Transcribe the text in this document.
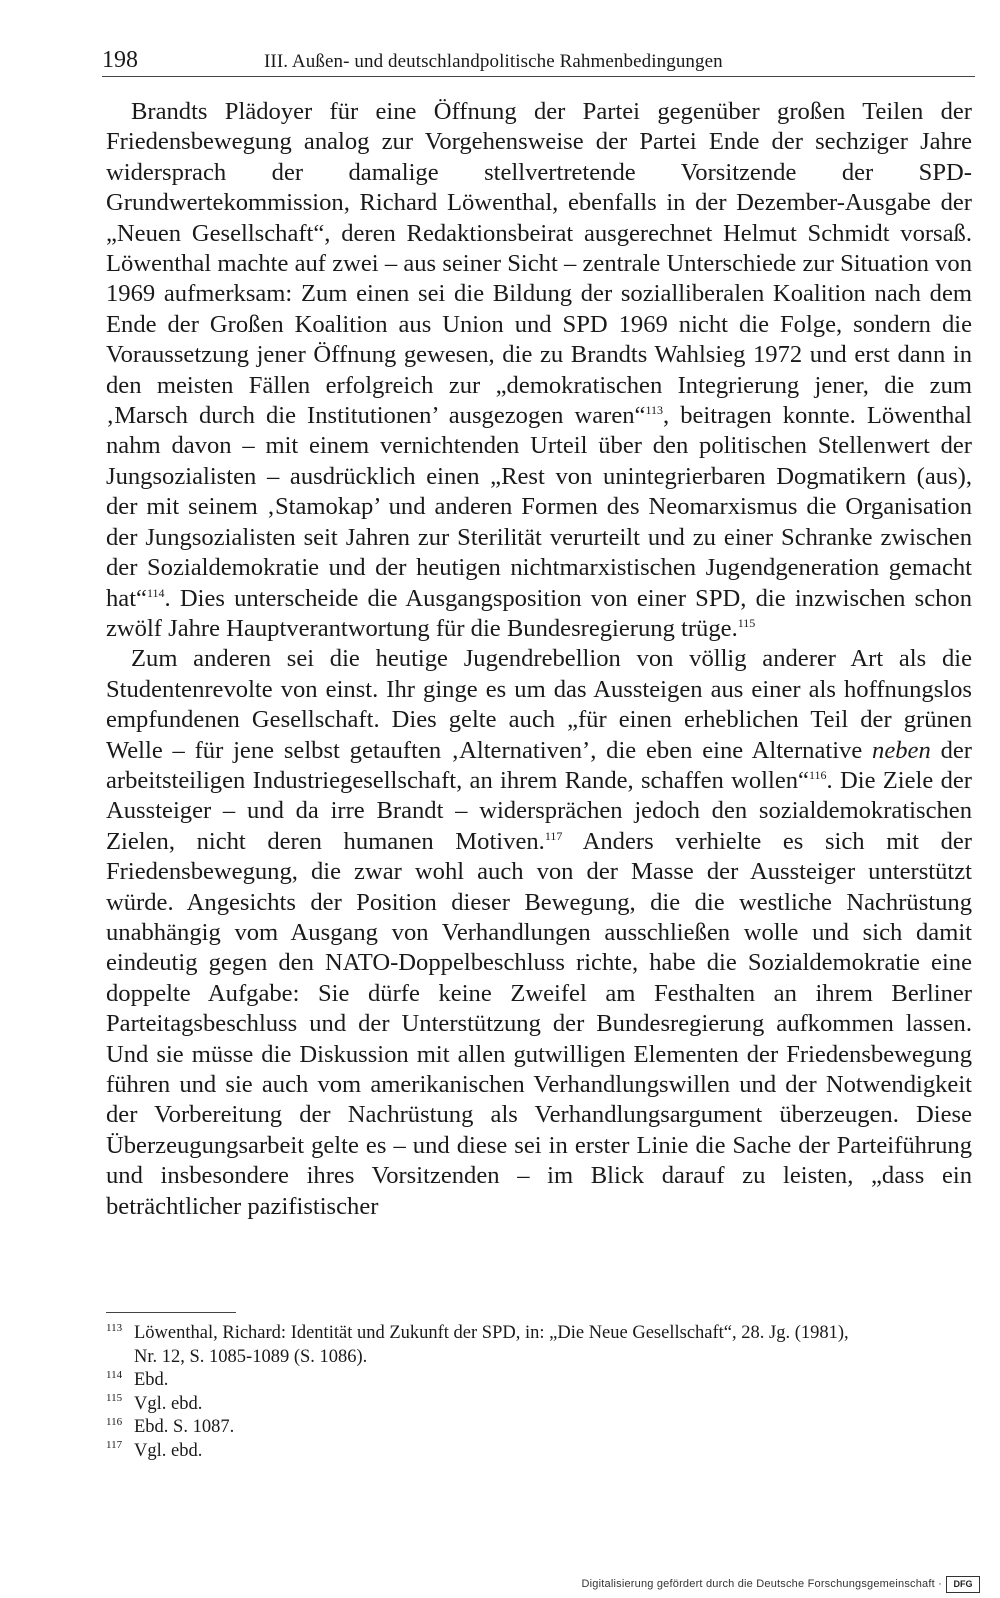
198	III. Außen- und deutschlandpolitische Rahmenbedingungen

Brandts Plädoyer für eine Öffnung der Partei gegenüber großen Teilen der Friedensbewegung analog zur Vorgehensweise der Partei Ende der sechziger Jahre widersprach der damalige stellvertretende Vorsitzende der SPD-Grundwertekommission, Richard Löwenthal, ebenfalls in der Dezember-Ausgabe der „Neuen Gesellschaft“, deren Redaktionsbeirat ausgerechnet Helmut Schmidt vorsaß. Löwenthal machte auf zwei – aus seiner Sicht – zentrale Unterschiede zur Situation von 1969 aufmerksam: Zum einen sei die Bildung der sozialliberalen Koalition nach dem Ende der Großen Koalition aus Union und SPD 1969 nicht die Folge, sondern die Voraussetzung jener Öffnung gewesen, die zu Brandts Wahlsieg 1972 und erst dann in den meisten Fällen erfolgreich zur „demokratischen Integrierung jener, die zum ‚Marsch durch die Institutionen’ ausgezogen waren“$^{113}$, beitragen konnte. Löwenthal nahm davon – mit einem vernichtenden Urteil über den politischen Stellenwert der Jungsozialisten – ausdrücklich einen „Rest von unintegrierbaren Dogmatikern (aus), der mit seinem ‚Stamokap’ und anderen Formen des Neomarxismus die Organisation der Jungsozialisten seit Jahren zur Sterilität verurteilt und zu einer Schranke zwischen der Sozialdemokratie und der heutigen nichtmarxistischen Jugendgeneration gemacht hat“$^{114}$. Dies unterscheide die Ausgangsposition von einer SPD, die inzwischen schon zwölf Jahre Hauptverantwortung für die Bundesregierung trüge.$^{115}$

Zum anderen sei die heutige Jugendrebellion von völlig anderer Art als die Studentenrevolte von einst. Ihr ginge es um das Aussteigen aus einer als hoffnungslos empfundenen Gesellschaft. Dies gelte auch „für einen erheblichen Teil der grünen Welle – für jene selbst getauften ‚Alternativen’, die eben eine Alternative neben der arbeitsteiligen Industriegesellschaft, an ihrem Rande, schaffen wollen“$^{116}$. Die Ziele der Aussteiger – und da irre Brandt – widersprächen jedoch den sozialdemokratischen Zielen, nicht deren humanen Motiven.$^{117}$ Anders verhielte es sich mit der Friedensbewegung, die zwar wohl auch von der Masse der Aussteiger unterstützt würde. Angesichts der Position dieser Bewegung, die die westliche Nachrüstung unabhängig vom Ausgang von Verhandlungen ausschließen wolle und sich damit eindeutig gegen den NATO-Doppelbeschluss richte, habe die Sozialdemokratie eine doppelte Aufgabe: Sie dürfe keine Zweifel am Festhalten an ihrem Berliner Parteitagsbeschluss und der Unterstützung der Bundesregierung aufkommen lassen. Und sie müsse die Diskussion mit allen gutwilligen Elementen der Friedensbewegung führen und sie auch vom amerikanischen Verhandlungswillen und der Notwendigkeit der Vorbereitung der Nachrüstung als Verhandlungsargument überzeugen. Diese Überzeugungsarbeit gelte es – und diese sei in erster Linie die Sache der Parteiführung und insbesondere ihres Vorsitzenden – im Blick darauf zu leisten, „dass ein beträchtlicher pazifistischer

$^{113}$ Löwenthal, Richard: Identität und Zukunft der SPD, in: „Die Neue Gesellschaft“, 28. Jg. (1981),

Nr. 12, S. 1085-1089 (S. 1086).

$^{114}$ Ebd.

$^{115}$ Vgl. ebd.

$^{116}$ Ebd. S. 1087.

$^{117}$ Vgl. ebd.

Digitalisierung gefördert durch die Deutsche Forschungsgemeinschaft ·	DFG
